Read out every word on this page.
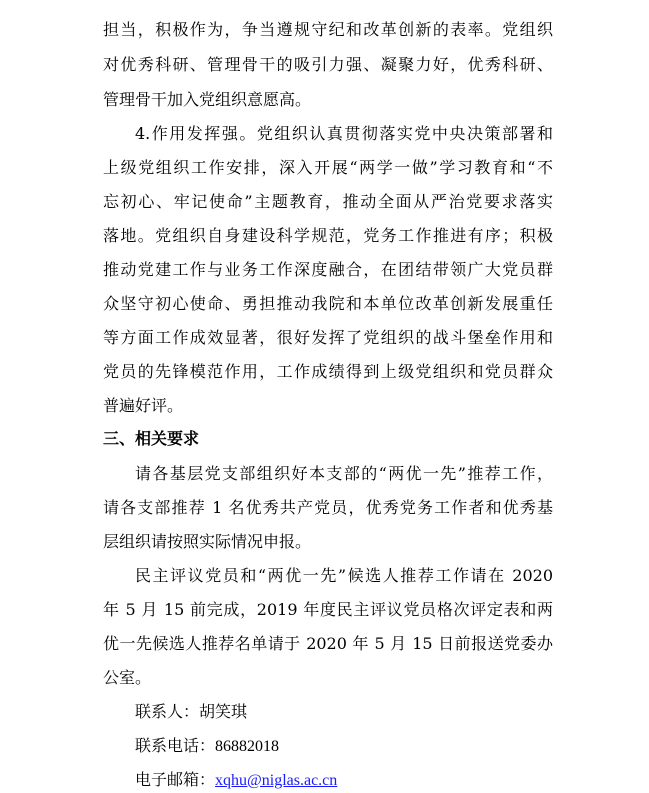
担当，积极作为，争当遵规守纪和改革创新的表率。党组织
对优秀科研、管理骨干的吸引力强、凝聚力好，优秀科研、
管理骨干加入党组织意愿高。
4.作用发挥强。党组织认真贯彻落实党中央决策部署和
上级党组织工作安排，深入开展“两学一做”学习教育和“不
忘初心、牢记使命”主题教育，推动全面从严治党要求落实
落地。党组织自身建设科学规范，党务工作推进有序；积极
推动党建工作与业务工作深度融合，在团结带领广大党员群
众坚守初心使命、勇担推动我院和本单位改革创新发展重任
等方面工作成效显著，很好发挥了党组织的战斗堡垒作用和
党员的先锋模范作用，工作成绩得到上级党组织和党员群众
普遍好评。
三、相关要求
请各基层党支部组织好本支部的“两优一先”推荐工作，
请各支部推荐 1 名优秀共产党员，优秀党务工作者和优秀基
层组织请按照实际情况申报。
民主评议党员和“两优一先”候选人推荐工作请在 2020
年 5 月 15 前完成，2019 年度民主评议党员格次评定表和两
优一先候选人推荐名单请于 2020 年 5 月 15 日前报送党委办
公室。
联系人：胡笑琪
联系电话：86882018
电子邮箱：xqhu@niglas.ac.cn
